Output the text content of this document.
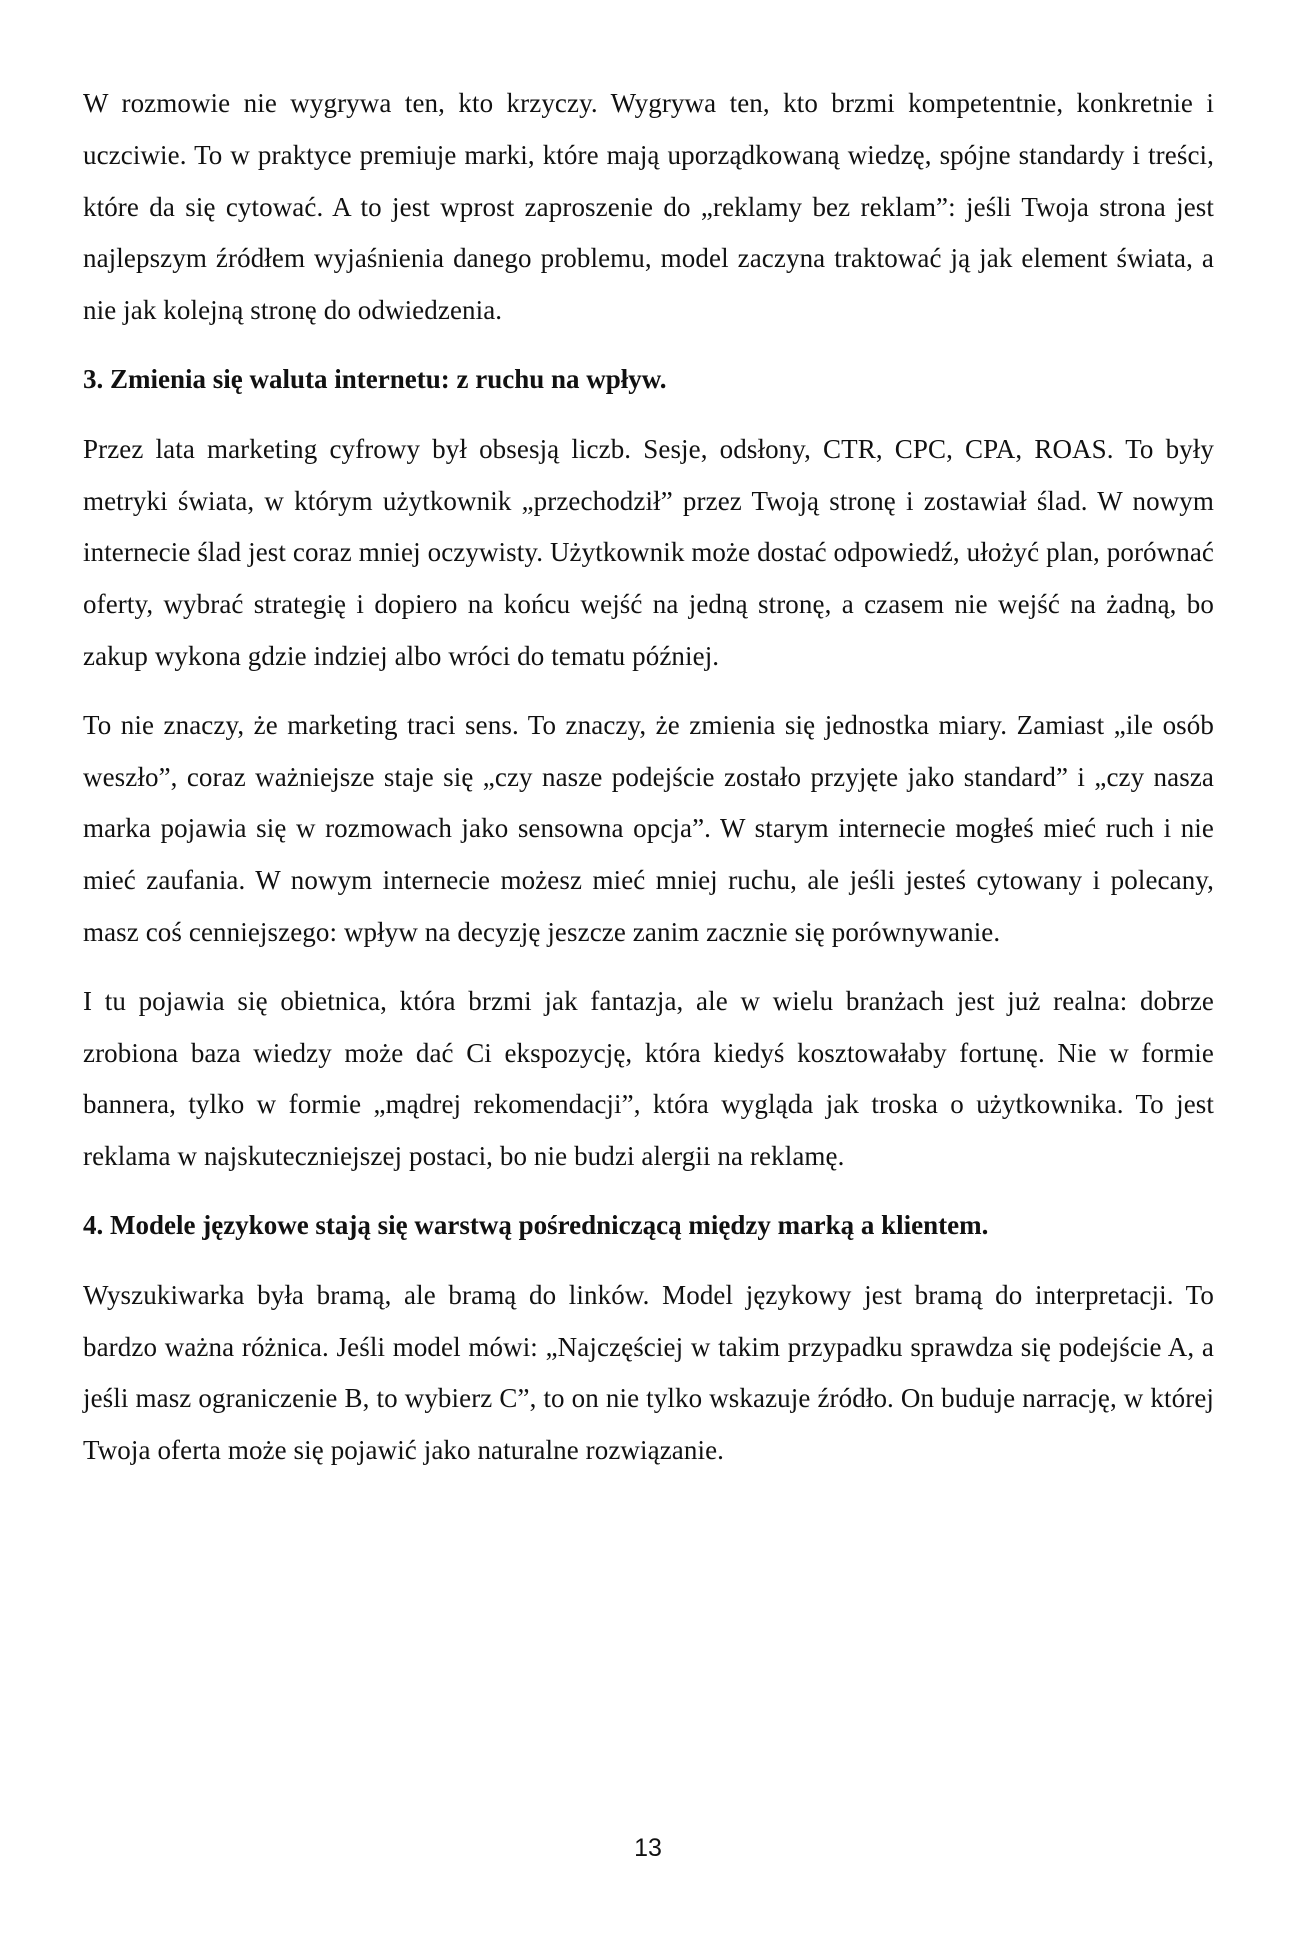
W rozmowie nie wygrywa ten, kto krzyczy. Wygrywa ten, kto brzmi kompetentnie, konkretnie i uczciwie. To w praktyce premiuje marki, które mają uporządkowaną wiedzę, spójne standardy i treści, które da się cytować. A to jest wprost zaproszenie do „reklamy bez reklam”: jeśli Twoja strona jest najlepszym źródłem wyjaśnienia danego problemu, model zaczyna traktować ją jak element świata, a nie jak kolejną stronę do odwiedzenia.

3. Zmienia się waluta internetu: z ruchu na wpływ.

Przez lata marketing cyfrowy był obsesją liczb. Sesje, odsłony, CTR, CPC, CPA, ROAS. To były metryki świata, w którym użytkownik „przechodził” przez Twoją stronę i zostawiał ślad. W nowym internecie ślad jest coraz mniej oczywisty. Użytkownik może dostać odpowiedź, ułożyć plan, porównać oferty, wybrać strategię i dopiero na końcu wejść na jedną stronę, a czasem nie wejść na żadną, bo zakup wykona gdzie indziej albo wróci do tematu później.

To nie znaczy, że marketing traci sens. To znaczy, że zmienia się jednostka miary. Zamiast „ile osób weszło”, coraz ważniejsze staje się „czy nasze podejście zostało przyjęte jako standard” i „czy nasza marka pojawia się w rozmowach jako sensowna opcja”. W starym internecie mogłeś mieć ruch i nie mieć zaufania. W nowym internecie możesz mieć mniej ruchu, ale jeśli jesteś cytowany i polecany, masz coś cenniejszego: wpływ na decyzję jeszcze zanim zacznie się porównywanie.

I tu pojawia się obietnica, która brzmi jak fantazja, ale w wielu branżach jest już realna: dobrze zrobiona baza wiedzy może dać Ci ekspozycję, która kiedyś kosztowałaby fortunę. Nie w formie bannera, tylko w formie „mądrej rekomendacji”, która wygląda jak troska o użytkownika. To jest reklama w najskuteczniejszej postaci, bo nie budzi alergii na reklamę.

4. Modele językowe stają się warstwą pośredniczącą między marką a klientem.

Wyszukiwarka była bramą, ale bramą do linków. Model językowy jest bramą do interpretacji. To bardzo ważna różnica. Jeśli model mówi: „Najczęściej w takim przypadku sprawdza się podejście A, a jeśli masz ograniczenie B, to wybierz C”, to on nie tylko wskazuje źródło. On buduje narrację, w której Twoja oferta może się pojawić jako naturalne rozwiązanie.

13
